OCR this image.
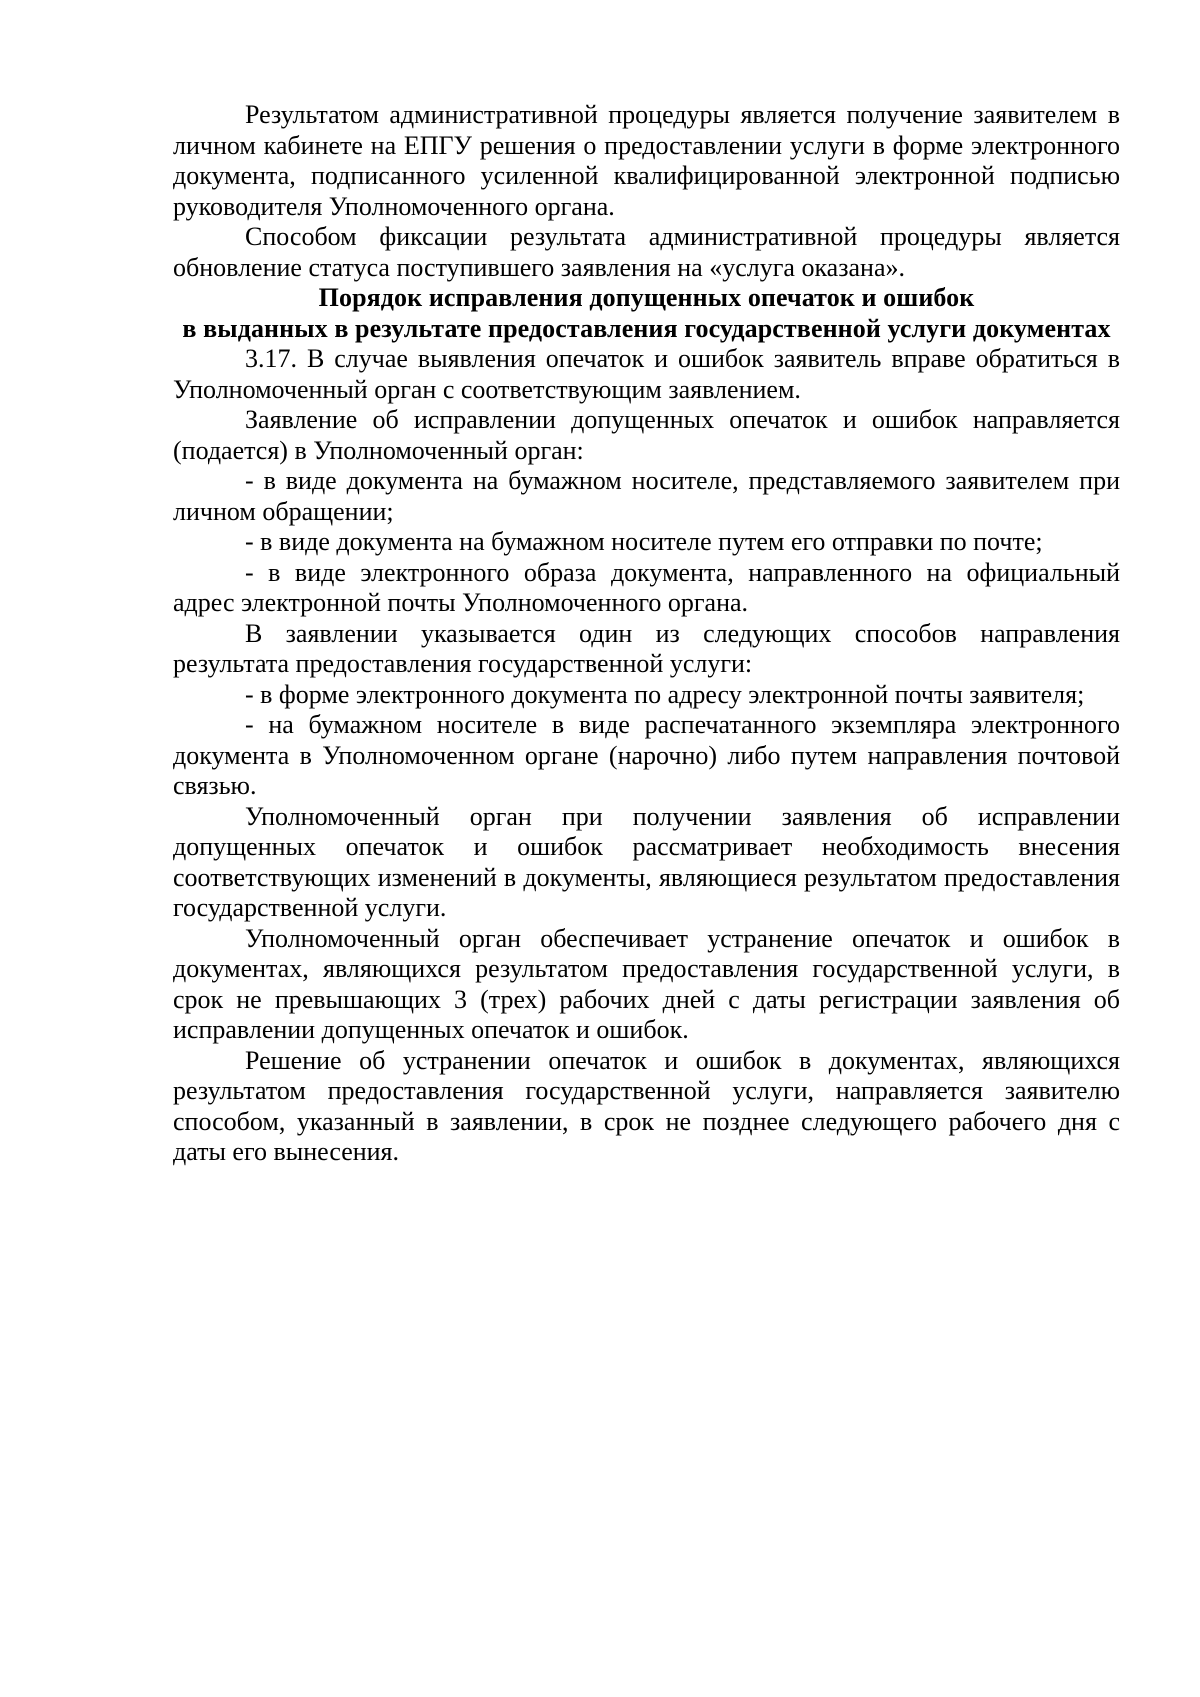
Результатом административной процедуры является получение заявителем в личном кабинете на ЕПГУ решения о предоставлении услуги в форме электронного документа, подписанного усиленной квалифицированной электронной подписью руководителя Уполномоченного органа.

Способом фиксации результата административной процедуры является обновление статуса поступившего заявления на «услуга оказана».

Порядок исправления допущенных опечаток и ошибок
в выданных в результате предоставления государственной услуги документах

3.17. В случае выявления опечаток и ошибок заявитель вправе обратиться в Уполномоченный орган с соответствующим заявлением.

Заявление об исправлении допущенных опечаток и ошибок направляется (подается) в Уполномоченный орган:

- в виде документа на бумажном носителе, представляемого заявителем при личном обращении;

- в виде документа на бумажном носителе путем его отправки по почте;

- в виде электронного образа документа, направленного на официальный адрес электронной почты Уполномоченного органа.

В заявлении указывается один из следующих способов направления результата предоставления государственной услуги:

- в форме электронного документа по адресу электронной почты заявителя;

- на бумажном носителе в виде распечатанного экземпляра электронного документа в Уполномоченном органе (нарочно) либо путем направления почтовой связью.

Уполномоченный орган при получении заявления об исправлении допущенных опечаток и ошибок рассматривает необходимость внесения соответствующих изменений в документы, являющиеся результатом предоставления государственной услуги.

Уполномоченный орган обеспечивает устранение опечаток и ошибок в документах, являющихся результатом предоставления государственной услуги, в срок не превышающих 3 (трех) рабочих дней с даты регистрации заявления об исправлении допущенных опечаток и ошибок.

Решение об устранении опечаток и ошибок в документах, являющихся результатом предоставления государственной услуги, направляется заявителю способом, указанный в заявлении, в срок не позднее следующего рабочего дня с даты его вынесения.
